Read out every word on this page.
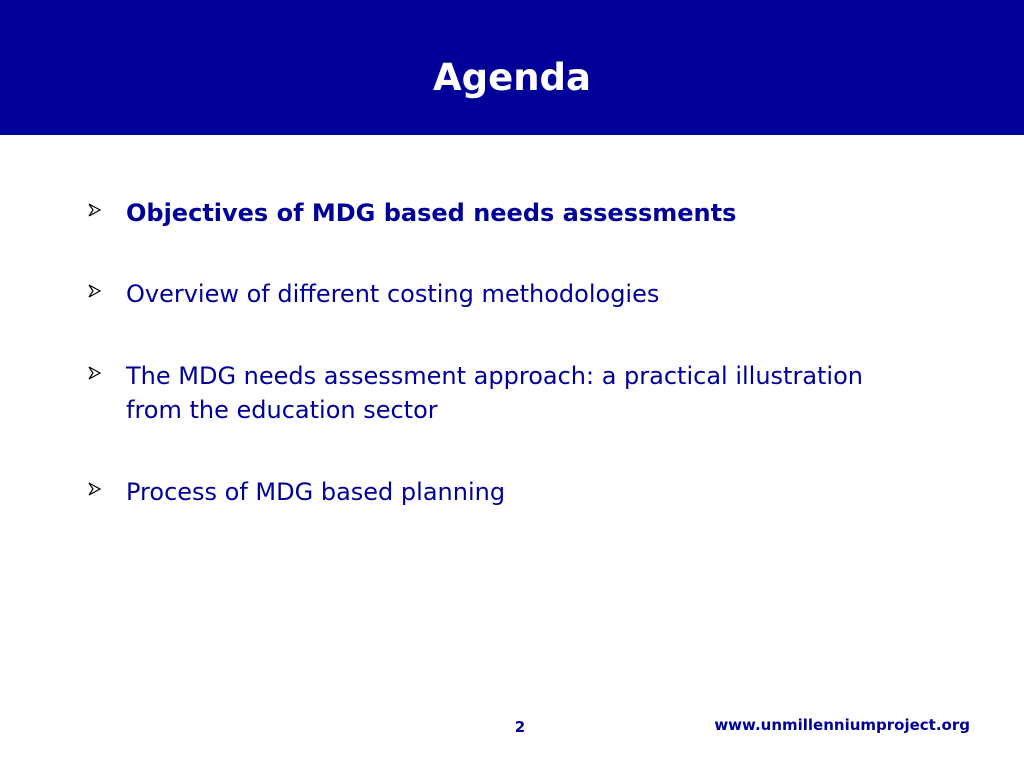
Agenda
Objectives of MDG based needs assessments
Overview of different costing methodologies
The MDG needs assessment approach: a practical illustration from the education sector
Process of MDG based planning
2	www.unmillenniumproject.org
